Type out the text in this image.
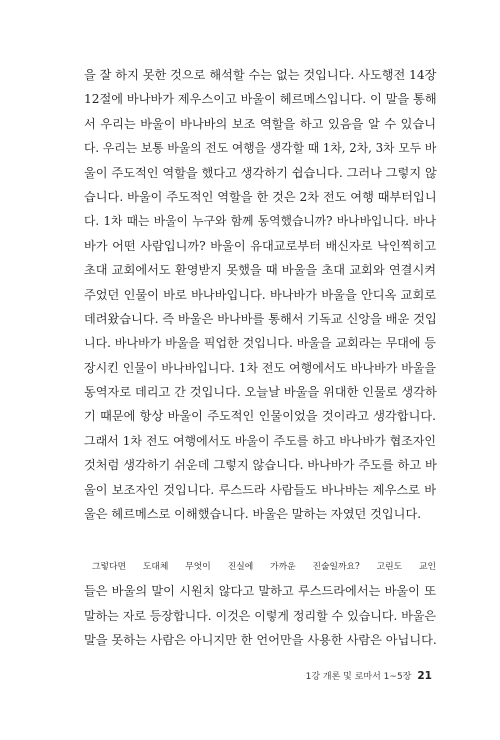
을 잘 하지 못한 것으로 해석할 수는 없는 것입니다. 사도행전 14장
12절에 바나바가 제우스이고 바울이 헤르메스입니다. 이 말을 통해
서 우리는 바울이 바나바의 보조 역할을 하고 있음을 알 수 있습니
다. 우리는 보통 바울의 전도 여행을 생각할 때 1차, 2차, 3차 모두 바
울이 주도적인 역할을 했다고 생각하기 쉽습니다. 그러나 그렇지 않
습니다. 바울이 주도적인 역할을 한 것은 2차 전도 여행 때부터입니
다. 1차 때는 바울이 누구와 함께 동역했습니까? 바나바입니다. 바나
바가 어떤 사람입니까? 바울이 유대교로부터 배신자로 낙인찍히고
초대 교회에서도 환영받지 못했을 때 바울을 초대 교회와 연결시켜
주었던 인물이 바로 바나바입니다. 바나바가 바울을 안디옥 교회로
데려왔습니다. 즉 바울은 바나바를 통해서 기독교 신앙을 배운 것입
니다. 바나바가 바울을 픽업한 것입니다. 바울을 교회라는 무대에 등
장시킨 인물이 바나바입니다. 1차 전도 여행에서도 바나바가 바울을
동역자로 데리고 간 것입니다. 오늘날 바울을 위대한 인물로 생각하
기 때문에 항상 바울이 주도적인 인물이었을 것이라고 생각합니다.
그래서 1차 전도 여행에서도 바울이 주도를 하고 바나바가 협조자인
것처럼 생각하기 쉬운데 그렇지 않습니다. 바나바가 주도를 하고 바
울이 보조자인 것입니다. 루스드라 사람들도 바나바는 제우스로 바
울은 헤르메스로 이해했습니다. 바울은 말하는 자였던 것입니다.
그렇다면 도대체 무엇이 진실에 가까운 진술일까요? 고린도 교인
들은 바울의 말이 시원치 않다고 말하고 루스드라에서는 바울이 또
말하는 자로 등장합니다. 이것은 이렇게 정리할 수 있습니다. 바울은
말을 못하는 사람은 아니지만 한 언어만을 사용한 사람은 아닙니다.
1강 개론 및 로마서 1~5장 21
